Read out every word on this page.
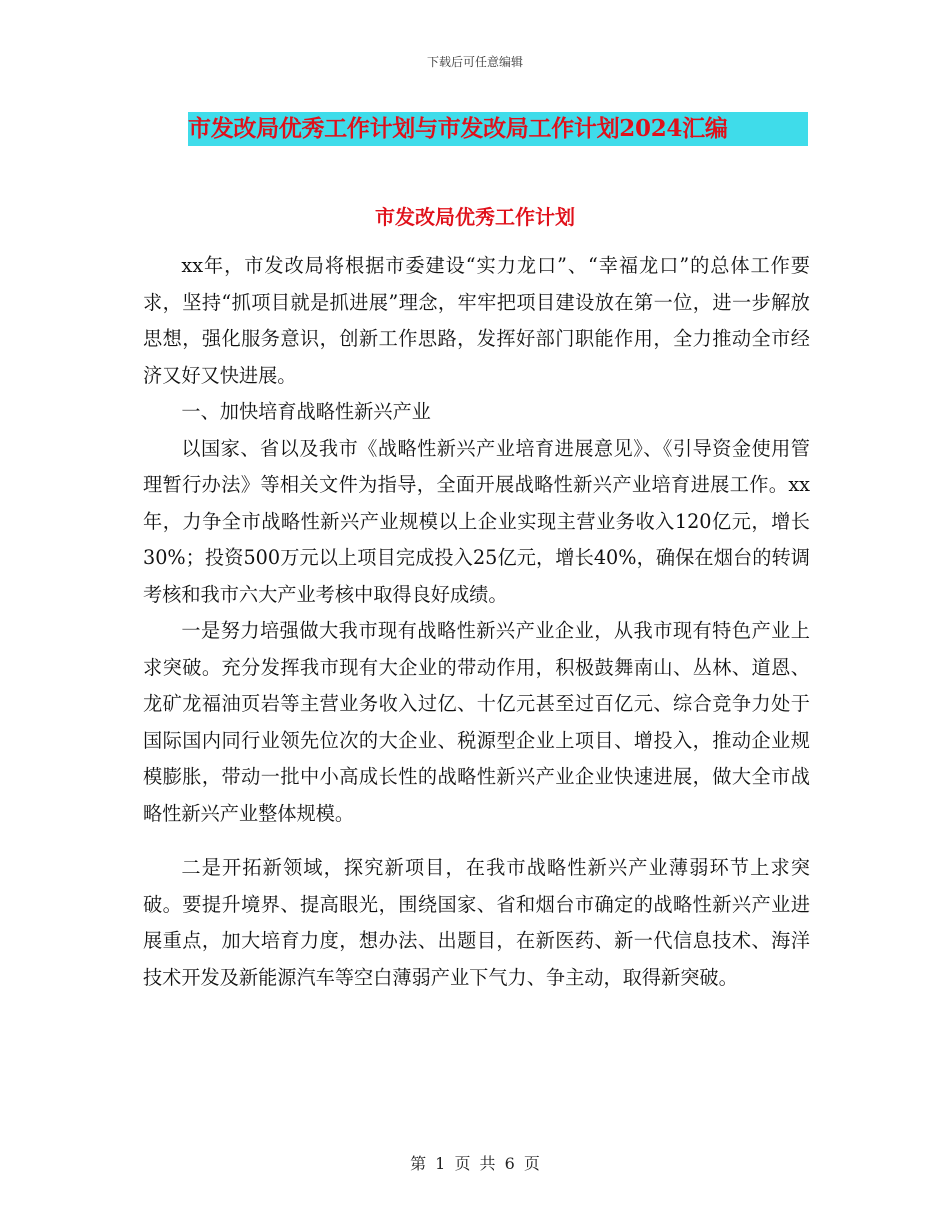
下载后可任意编辑
市发改局优秀工作计划与市发改局工作计划2024汇编
市发改局优秀工作计划

xx年，市发改局将根据市委建设“实力龙口”、“幸福龙口”的总体工作要求，坚持“抓项目就是抓进展”理念，牢牢把项目建设放在第一位，进一步解放思想，强化服务意识，创新工作思路，发挥好部门职能作用，全力推动全市经济又好又快进展。

一、加快培育战略性新兴产业

以国家、省以及我市《战略性新兴产业培育进展意见》、《引导资金使用管理暂行办法》等相关文件为指导，全面开展战略性新兴产业培育进展工作。xx年，力争全市战略性新兴产业规模以上企业实现主营业务收入120亿元，增长30%；投资500万元以上项目完成投入25亿元，增长40%，确保在烟台的转调考核和我市六大产业考核中取得良好成绩。

一是努力培强做大我市现有战略性新兴产业企业，从我市现有特色产业上求突破。充分发挥我市现有大企业的带动作用，积极鼓舞南山、丛林、道恩、龙矿龙福油页岩等主营业务收入过亿、十亿元甚至过百亿元、综合竞争力处于国际国内同行业领先位次的大企业、税源型企业上项目、增投入，推动企业规模膨胀，带动一批中小高成长性的战略性新兴产业企业快速进展，做大全市战略性新兴产业整体规模。

二是开拓新领域，探究新项目，在我市战略性新兴产业薄弱环节上求突破。要提升境界、提高眼光，围绕国家、省和烟台市确定的战略性新兴产业进展重点，加大培育力度，想办法、出题目，在新医药、新一代信息技术、海洋技术开发及新能源汽车等空白薄弱产业下气力、争主动，取得新突破。

第 1 页 共 6 页
